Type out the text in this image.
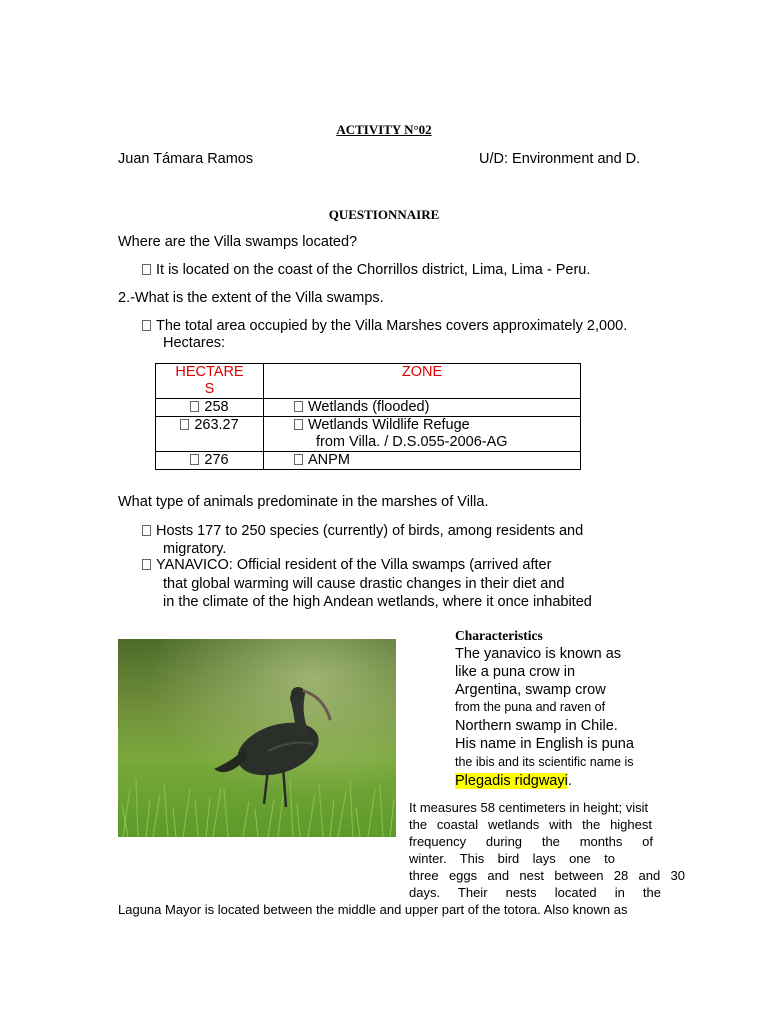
ACTIVITY N°02
Juan Támara Ramos	U/D: Environment and D.
QUESTIONNAIRE
Where are the Villa swamps located?
It is located on the coast of the Chorrillos district, Lima, Lima - Peru.
2.-What is the extent of the Villa swamps.
The total area occupied by the Villa Marshes covers approximately 2,000.
Hectares:
HECTARE
S	ZONE
258	Wetlands (flooded)
263.27	Wetlands Wildlife Refuge
from Villa. / D.S.055-2006-AG
276	ANPM
What type of animals predominate in the marshes of Villa.
Hosts 177 to 250 species (currently) of birds, among residents and
migratory.
YANAVICO: Official resident of the Villa swamps (arrived after
that global warming will cause drastic changes in their diet and
in the climate of the high Andean wetlands, where it once inhabited
Characteristics
The yanavico is known as
like a puna crow in
Argentina, swamp crow
from the puna and raven of
Northern swamp in Chile.
His name in English is puna
the ibis and its scientific name is
Plegadis ridgwayi.
It measures 58 centimeters in height; visit
the coastal wetlands with the highest
frequency during the months of
winter. This bird lays one to
three eggs and nest between 28 and 30
days. Their nests located in the
Laguna Mayor is located between the middle and upper part of the totora. Also known as
